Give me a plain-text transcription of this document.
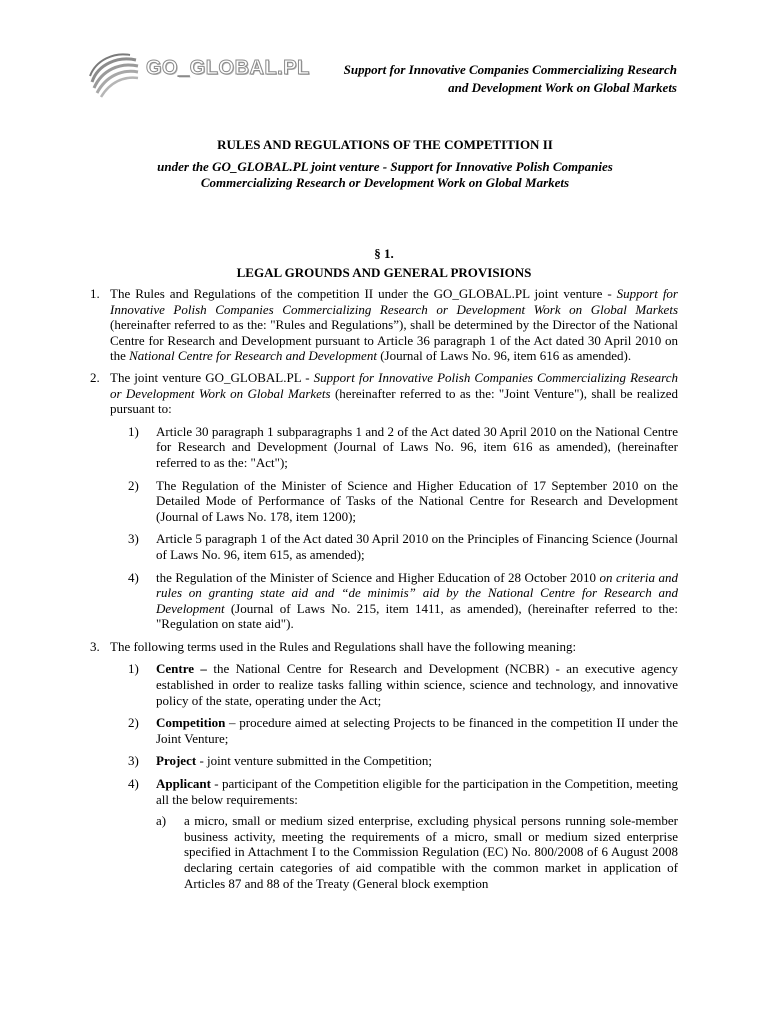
GO_GLOBAL.PL	Support for Innovative Companies Commercializing Research
and Development Work on Global Markets

RULES AND REGULATIONS OF THE COMPETITION II

under the GO_GLOBAL.PL joint venture - Support for Innovative Polish Companies
Commercializing Research or Development Work on Global Markets

§ 1.

LEGAL GROUNDS AND GENERAL PROVISIONS

1. The Rules and Regulations of the competition II under the GO_GLOBAL.PL joint venture - Support for Innovative Polish Companies Commercializing Research or Development Work on Global Markets (hereinafter referred to as the: "Rules and Regulations”), shall be determined by the Director of the National Centre for Research and Development pursuant to Article 36 paragraph 1 of the Act dated 30 April 2010 on the National Centre for Research and Development (Journal of Laws No. 96, item 616 as amended).
2. The joint venture GO_GLOBAL.PL - Support for Innovative Polish Companies Commercializing Research or Development Work on Global Markets (hereinafter referred to as the: "Joint Venture"), shall be realized pursuant to:
1) Article 30 paragraph 1 subparagraphs 1 and 2 of the Act dated 30 April 2010 on the National Centre for Research and Development (Journal of Laws No. 96, item 616 as amended), (hereinafter referred to as the: "Act");
2) The Regulation of the Minister of Science and Higher Education of 17 September 2010 on the Detailed Mode of Performance of Tasks of the National Centre for Research and Development (Journal of Laws No. 178, item 1200);
3) Article 5 paragraph 1 of the Act dated 30 April 2010 on the Principles of Financing Science (Journal of Laws No. 96, item 615, as amended);
4) the Regulation of the Minister of Science and Higher Education of 28 October 2010 on criteria and rules on granting state aid and “de minimis” aid by the National Centre for Research and Development (Journal of Laws No. 215, item 1411, as amended), (hereinafter referred to the: "Regulation on state aid").
3. The following terms used in the Rules and Regulations shall have the following meaning:
1) Centre – the National Centre for Research and Development (NCBR) - an executive agency established in order to realize tasks falling within science, science and technology, and innovative policy of the state, operating under the Act;
2) Competition – procedure aimed at selecting Projects to be financed in the competition II under the Joint Venture;
3) Project - joint venture submitted in the Competition;
4) Applicant - participant of the Competition eligible for the participation in the Competition, meeting all the below requirements:
a) a micro, small or medium sized enterprise, excluding physical persons running sole-member business activity, meeting the requirements of a micro, small or medium sized enterprise specified in Attachment I to the Commission Regulation (EC) No. 800/2008 of 6 August 2008 declaring certain categories of aid compatible with the common market in application of Articles 87 and 88 of the Treaty (General block exemption
